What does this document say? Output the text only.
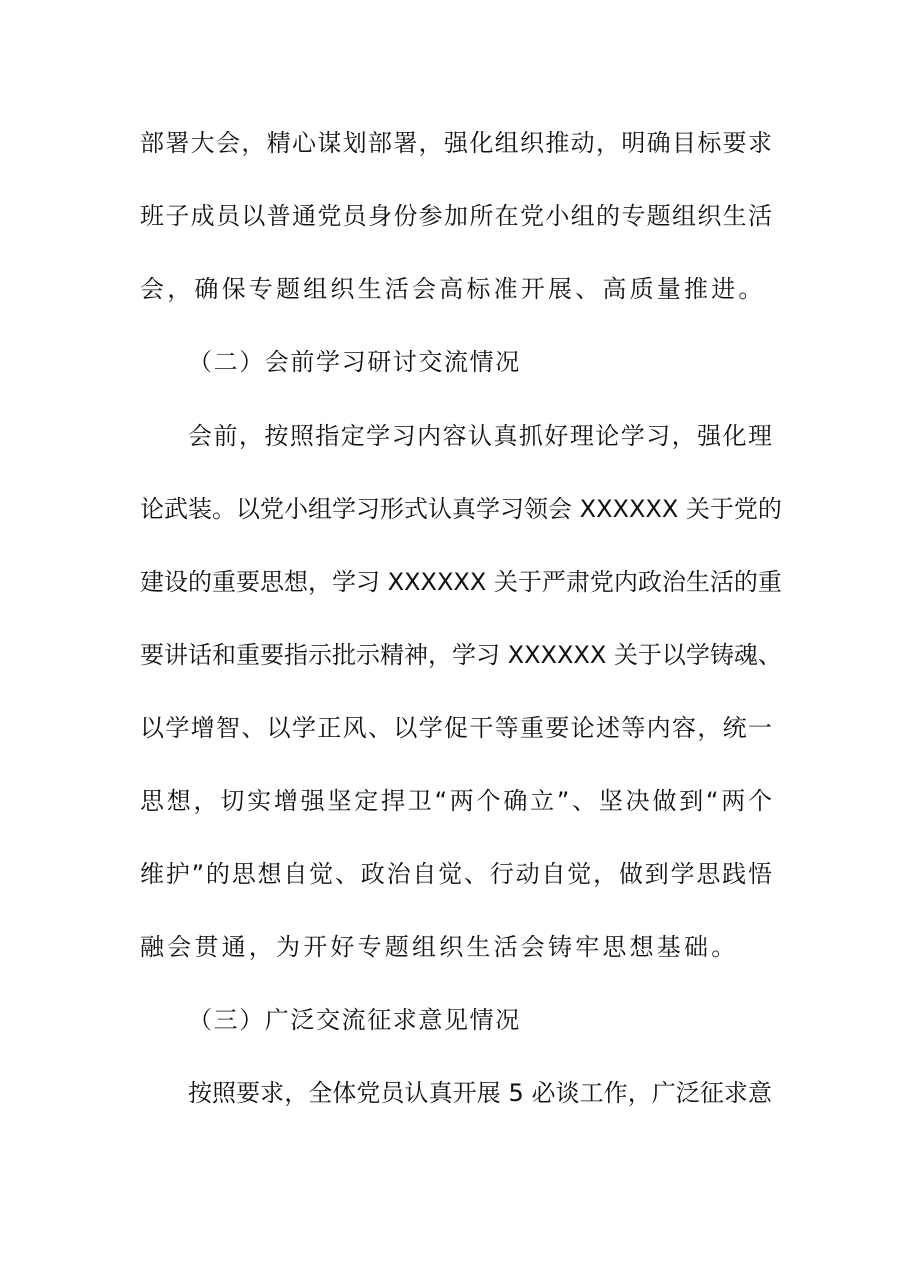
部署大会，精心谋划部署，强化组织推动，明确目标要求
班子成员以普通党员身份参加所在党小组的专题组织生活
会，确保专题组织生活会高标准开展、高质量推进。
（二）会前学习研讨交流情况
会前，按照指定学习内容认真抓好理论学习，强化理
论武装。以党小组学习形式认真学习领会 XXXXXX 关于党的
建设的重要思想，学习 XXXXXX 关于严肃党内政治生活的重
要讲话和重要指示批示精神，学习 XXXXXX 关于以学铸魂、
以学增智、以学正风、以学促干等重要论述等内容，统一
思想，切实增强坚定捍卫“两个确立”、坚决做到“两个
维护”的思想自觉、政治自觉、行动自觉，做到学思践悟
融会贯通，为开好专题组织生活会铸牢思想基础。
（三）广泛交流征求意见情况
按照要求，全体党员认真开展 5 必谈工作，广泛征求意
